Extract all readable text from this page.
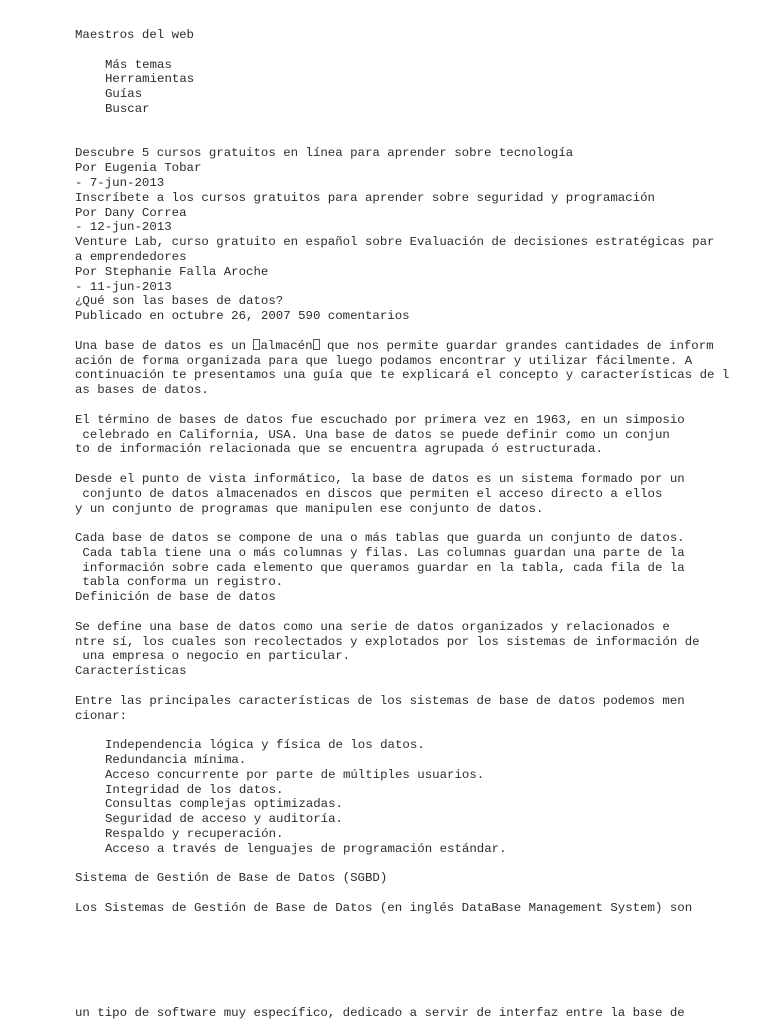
Maestros del web
Más temas
Herramientas
Guías
Buscar
Descubre 5 cursos gratuitos en línea para aprender sobre tecnología
Por Eugenia Tobar
- 7-jun-2013
Inscríbete a los cursos gratuitos para aprender sobre seguridad y programación
Por Dany Correa
- 12-jun-2013
Venture Lab, curso gratuito en español sobre Evaluación de decisiones estratégicas par
a emprendedores
Por Stephanie Falla Aroche
- 11-jun-2013
¿Qué son las bases de datos?
Publicado en octubre 26, 2007 590 comentarios
Una base de datos es un almacén que nos permite guardar grandes cantidades de inform
ación de forma organizada para que luego podamos encontrar y utilizar fácilmente. A
continuación te presentamos una guía que te explicará el concepto y características de l
as bases de datos.
El término de bases de datos fue escuchado por primera vez en 1963, en un simposio
celebrado en California, USA. Una base de datos se puede definir como un conjun
to de información relacionada que se encuentra agrupada ó estructurada.
Desde el punto de vista informático, la base de datos es un sistema formado por un
conjunto de datos almacenados en discos que permiten el acceso directo a ellos
y un conjunto de programas que manipulen ese conjunto de datos.
Cada base de datos se compone de una o más tablas que guarda un conjunto de datos.
Cada tabla tiene una o más columnas y filas. Las columnas guardan una parte de la
información sobre cada elemento que queramos guardar en la tabla, cada fila de la
tabla conforma un registro.
Definición de base de datos
Se define una base de datos como una serie de datos organizados y relacionados e
ntre sí, los cuales son recolectados y explotados por los sistemas de información de
una empresa o negocio en particular.
Características
Entre las principales características de los sistemas de base de datos podemos men
cionar:
Independencia lógica y física de los datos.
Redundancia mínima.
Acceso concurrente por parte de múltiples usuarios.
Integridad de los datos.
Consultas complejas optimizadas.
Seguridad de acceso y auditoría.
Respaldo y recuperación.
Acceso a través de lenguajes de programación estándar.
Sistema de Gestión de Base de Datos (SGBD)
Los Sistemas de Gestión de Base de Datos (en inglés DataBase Management System) son
un tipo de software muy específico, dedicado a servir de interfaz entre la base de
